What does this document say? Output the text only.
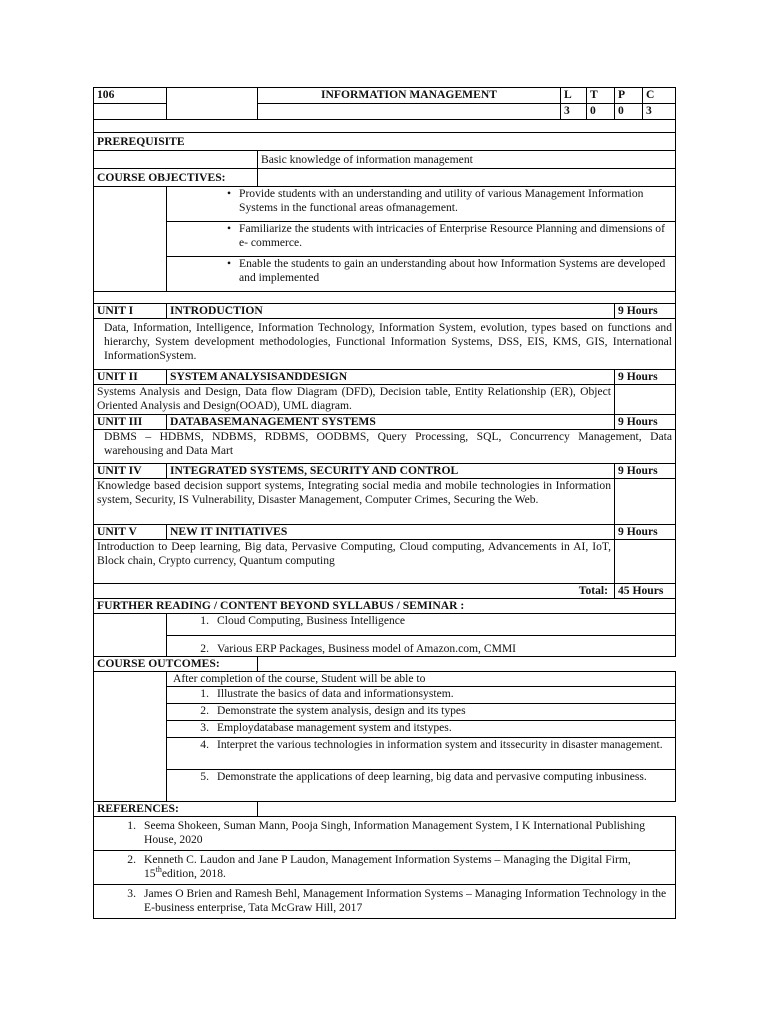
106		INFORMATION MANAGEMENT	L	T	P	C
			3	0	0	3

PREREQUISITE						
		Basic knowledge of information management				
COURSE OBJECTIVES:						

	• Provide students with an understanding and utility of various Management Information Systems in the functional areas ofmanagement.					

	• Familiarize the students with intricacies of Enterprise Resource Planning and dimensions of e- commerce.					

	• Enable the students to gain an understanding about how Information Systems are developed and implemented					

UNIT I	INTRODUCTION				9 Hours	
Data, Information, Intelligence, Information Technology, Information System, evolution, types based on functions and hierarchy, System development methodologies, Functional Information Systems, DSS, EIS, KMS, GIS, International InformationSystem.						
UNIT II	SYSTEM ANALYSISANDDESIGN				9 Hours	
Systems Analysis and Design, Data flow Diagram (DFD), Decision table, Entity Relationship (ER), Object Oriented Analysis and Design(OOAD), UML diagram.						
UNIT III	DATABASEMANAGEMENT SYSTEMS				9 Hours	
DBMS – HDBMS, NDBMS, RDBMS, OODBMS, Query Processing, SQL, Concurrency Management, Data warehousing and Data Mart						
UNIT IV	INTEGRATED SYSTEMS, SECURITY AND CONTROL				9 Hours	
Knowledge based decision support systems, Integrating social media and mobile technologies in Information system, Security, IS Vulnerability, Disaster Management, Computer Crimes, Securing the Web.						
UNIT V	NEW IT INITIATIVES				9 Hours	
Introduction to Deep learning, Big data, Pervasive Computing, Cloud computing, Advancements in AI, IoT, Block chain, Crypto currency, Quantum computing						
			Total:		45 Hours	
FURTHER READING / CONTENT BEYOND SYLLABUS / SEMINAR :						

	1. Cloud Computing, Business Intelligence					

	2. Various ERP Packages, Business model of Amazon.com, CMMI					

COURSE OUTCOMES:						
	After completion of the course, Student will be able to					

	1. Illustrate the basics of data and informationsystem.					

	2. Demonstrate the system analysis, design and its types					

	3. Employdatabase management system and itstypes.					

	4. Interpret the various technologies in information system and itssecurity in disaster management.					

	5. Demonstrate the applications of deep learning, big data and pervasive computing inbusiness.					

REFERENCES:						

1. Seema Shokeen, Suman Mann, Pooja Singh, Information Management System, I K International Publishing House, 2020						

2. Kenneth C. Laudon and Jane P Laudon, Management Information Systems – Managing the Digital Firm, 15thedition, 2018.						

3. James O Brien and Ramesh Behl, Management Information Systems – Managing Information Technology in the E-business enterprise, Tata McGraw Hill, 2017						
